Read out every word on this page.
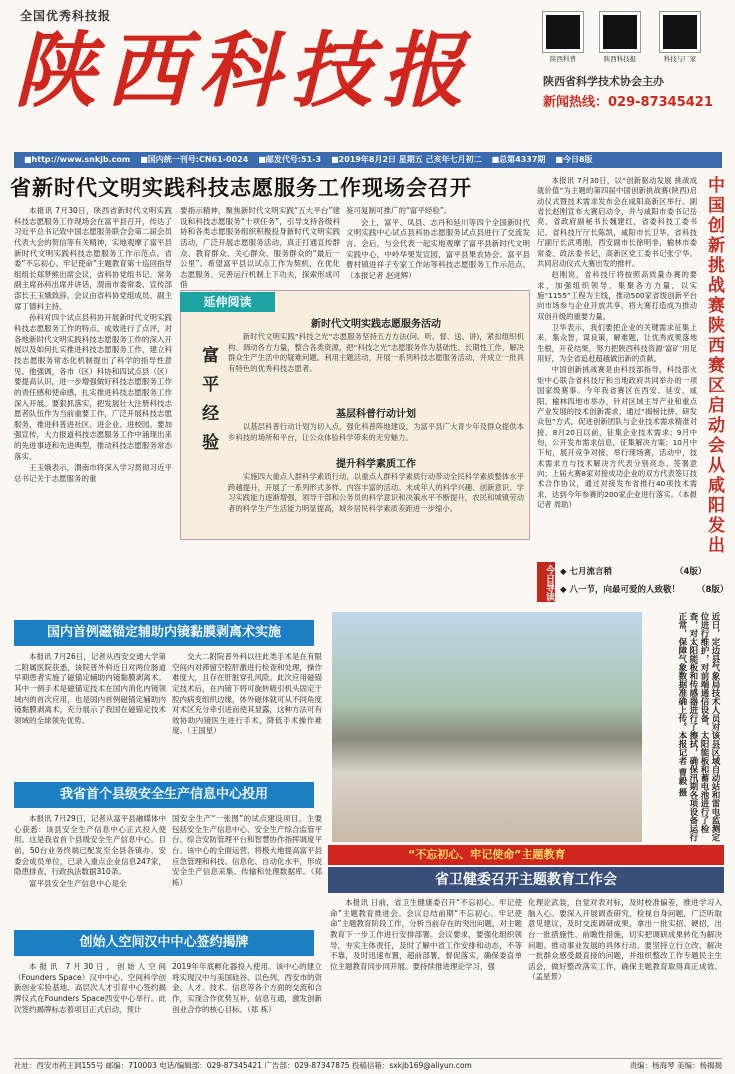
全国优秀科技报
陕西科技报	陕西科普	陕西科技报	科技与厂家
陕西省科学技术协会主办
新闻热线：029-87345421
■http://www.snkjb.com ■国内统一刊号:CN61-0024 ■邮发代号:51-3 ■2019年8月2日 星期五 己亥年七月初二 ■总第4337期 ■今日8版
省新时代文明实践科技志愿服务工作现场会召开

本报讯 7月30日，陕西省新时代文明实践科技志愿服务工作现场会在富平县召开，传达了习近平总书记致中国志愿服务联合会第二届会员代表大会的贺信等有关精神，实地观摩了富平县新时代文明实践科技志愿服务工作示范点。省委“不忘初心、牢记使命”主题教育第十巡回指导组组长郑梦熊出席会议，省科协党组书记、常务副主席孙科出席并讲话，渭南市委常委、宣传部部长王玉娥致辞。会议由省科协党组成员、副主席丁德科主持。

孙科对四个试点县科协开展新时代文明实践科技志愿服务工作的特点、成效进行了点评，对各地新时代文明实践科技志愿服务工作的深入开展以及如何扎实推进科技志愿服务工作，建立科技志愿服务常态化机制提出了科学的指导性意见。他强调，各市（区）科协和四试点县（区）要提高认识，进一步增强做好科技志愿服务工作的责任感和使命感，扎实推进科技志愿服务工作深入开展。要狠抓落实，把发展壮大注册科技志愿者队伍作为当前重要工作，广泛开展科技志愿服务，推进科普进社区、进企业、进校园。要加强宣传，大力报道科技志愿服务工作中涌现出来的先进事迹和先进典型，推动科技志愿服务常态落实。

王玉娥表示，渭南市将深入学习贯彻习近平总书记关于志愿服务的重

要指示精神，聚焦新时代文明实践“五大平台”建设和科技志愿服务“十项任务”，引导支持各级科协和各类志愿服务组织积极投身新时代文明实践活动，广泛开展志愿服务活动，真正打通宣传群众、教育群众、关心群众、服务群众的“最后一公里”。希望富平县以试点工作为契机，在优化志愿服务、完善运行机制上下功夫，探索形成可借

鉴可复制可推广的“富平经验”。

会上，富平、凤县、志丹和延川等四个全国新时代文明实践中心试点县科协志愿服务试点县进行了交流发言。会后，与会代表一起实地观摩了富平县新时代文明实践中心，中岭华果发宣园，富平县果农协会、富平县曹村镇进祥子专家工作站等科技志愿服务工作示范点。（本报记者 赵进辉）

延伸阅读
富平经验
新时代文明实践志愿服务活动

新时代文明实践“科技之光”志愿服务坚持五方方法(问、听、督、送、讲)，紧扣组织机构、调动各方力量，整合各类资源，把“科技之光”志愿服务作为基础性、长期性工作，解决群众生产生活中的疑难问题。利用主题活动，开展一系列科技志愿服务活动，并成立一批具有特色的优秀科技志愿者。

基层科普行动计划

以基层科普行动计划为切入点，强化科普阵地建设，为富平县广大青少年及群众提供本乡科技的场所和平台，让公众体验科学带来的无穷魅力。

提升科学素质工作

实施四大重点人群科学素质行动，以重点人群科学素质行动带动全民科学素质整体水平跨越提升，开展了一系列形式多样、内容丰富的活动。未成年人的科学兴趣、创新意识、学习实践能力逐渐增强，领导干部和公务员的科学意识和决策水平不断提升，农民和城镇劳动者的科学生产生活能力明显提高，城乡居民科学素质差距进一步缩小。	中国创新挑战赛陕西赛区启动会从咸阳发出

本报讯 7月30日，以“创新驱动发展 挑战成就价值”为主题的第四届中国创新挑战赛(陕西)启动仪式暨技术需求发布会在咸阳高新区举行。副省长赵刚宣布大赛启动令，并与咸阳市委书记岳亮，省政府副秘书长魏建红，省委科技工委书记、省科技厅厅长陈凯，咸阳市长卫华，省科技厅副厅长武勇刚，西安副市长徐明非，榆林市委常委、政法委书记，高新区党工委书记张宁华，共同启动仪式大赛出发的推杆。

赵刚说，省科技厅将按照高质量办赛的要求，加强组织领导，集聚各方力量，以实施“1155”工程为主线，推动500家省级创新平台向市场参与企业开放共享，将大赛打造成为推动双创升级的重要力量。

卫华表示，我们要把企业的关键需求征集上来，集众智，谋良策，解难题，让优秀成果落地生根，开花结果，努力把陕西科技资源‘富矿’用足用好，为全省追赶超越做出新的贡献。

中国创新挑战赛是由科技部指导，科技部火炬中心联合省科技厅和当地政府共同举办的一项国家级赛事。今年我省赛区在西安、延安、咸阳、榆林四地市举办，针对区域主导产业和重点产业发展的技术创新需求，通过“揭榜比拼、研发众包”方式，促进创新团队与企业技术需求精准对接。8月20日以前，征集企业技术需求；9月中旬，公开发布需求信息，征集解决方案；10月中下旬，展开竞争对接，举行现场赛，活动中，技术需求方与技术解决方代表分别亮态、签署意向；上届大赛8家对接成功企业的双方代表签订技术合作协议，通过对接发布省推行40项技术需求，达到今年参赛的200家企业进行落实。（本报记者 周助）

今日导读 ◆ 七月流言稍	（4版）
◆ 八一节，向最可爱的人致敬！ （8版）
国内首例磁锚定辅助内镜黏膜剥离术实施

本报讯 7月26日，记者从西安交通大学第二附属医院获悉，该院普外科近日对两位肠道早期患者实施了磁锚定辅助内镜黏膜剥离术。其中一例手术是磁锚定技术在国内消化内镜领域内的首次应用，也是国内首例磁锚定辅助内镜黏膜剥离术，充分展示了我国在磁锚定技术领域的全球领先优势。

交大二附院普外科以往此类手术是在有限空间内对滞留空腔肝激进行检查和处理，操作难度大，且存在肝脏穿孔风险。此次应用磁锚定技术后，在内镜下将可旋转吸引机头固定于腔内病变组织边缘，体外磁体就可从不同角度对术区充分牵引进而使其显露，这种方法可有效协助内镜医生进行手术，降低手术操作难度。（王国星）

我省首个县级安全生产信息中心投用

本报讯 7月29日，记者从富平县融媒体中心获悉：该县安全生产信息中心正式投入使用。这是我省首个县级安全生产信息中心。目前，50台业务终端已配发至全县各镇办、安委会成员单位，已录入重点企业信息247家，隐患排查，行政执法数据310条。

富平县安全生产信息中心是全

国安全生产“一张图”的试点建设项目，主要包括安全生产信息中心、安全生产综合监管平台、综合安防管理平台和智慧协作指挥调度平台。该中心的全面运营，将极大地提高富平县应急管理和科技、信息化、自动化水平，形成安全生产信息采集、传输和处理数据库。（郑 栋）

近日，定边县气象局技术人员对该县区域自动站和雷电监测定位进行维护，对前端通信设备、太阳能板和蓄电池进行了检查，对太阳能板和传感器进行了擦拭，确保汛期各项设备运行正常，保障气象数据准确上传。本报记者 曹毅 摄
创始人空间汉中中心签约揭牌

本报讯 7月30日，创始人空间（Founders Space）汉中中心、空间科学创新创业实验基地、高层次人才引育中心签约揭牌仪式在Founders Space西安中心举行。此次签约揭牌标志着项目正式启动，预计

2019年年底孵化器投入使用。该中心的建立将实现汉中与美国硅谷、以色列、西安市的资金、人才、技术、信息等各个方面的交流和合作，实现合作优势互补，信息互通，激发创新创业合作的核心目标。（郑 栋）

“不忘初心、牢记使命”主题教育
省卫健委召开主题教育工作会

本报讯 日前，省卫生健康委召开“不忘初心、牢记使命”主题教育推进会。会议总结前期“不忘初心、牢记使命”主题教育阶段工作，分析当前存在的突出问题，对主题教育下一步工作进行安排部署。会议要求，要强化组织领导，夯实主体责任，及时了解中省工作安排和动态，不等不靠，及时迅速布置，超前部署，督促落实，确保委直单位主题教育同步同开展。要持续推进理论学习，强

化理论武装，自觉对表对标，及时校准偏差，推进学习入脑入心。要深入开展调查研究，检视自身问题，广泛听取意见建议，及时交流调研成果，拿出一批实招、硬招，出台一批措施性、前瞻性措施，切实把调研成果转化为解决问题、推动事业发展的具体行动。要坚持立行立改，解决一批群众感受最直接的问题，并组织整改工作专题民主生活会，做好整改落实工作，确保主题教育取得真正成效。（孟星景）

社址：西安市药王洞155号 邮编：710003 电话/编辑部：029-87345421 广告部：029-87347875 投稿信箱：sxkjb169@aliyun.com	责编：杨海琴 美编：杨揭揭
